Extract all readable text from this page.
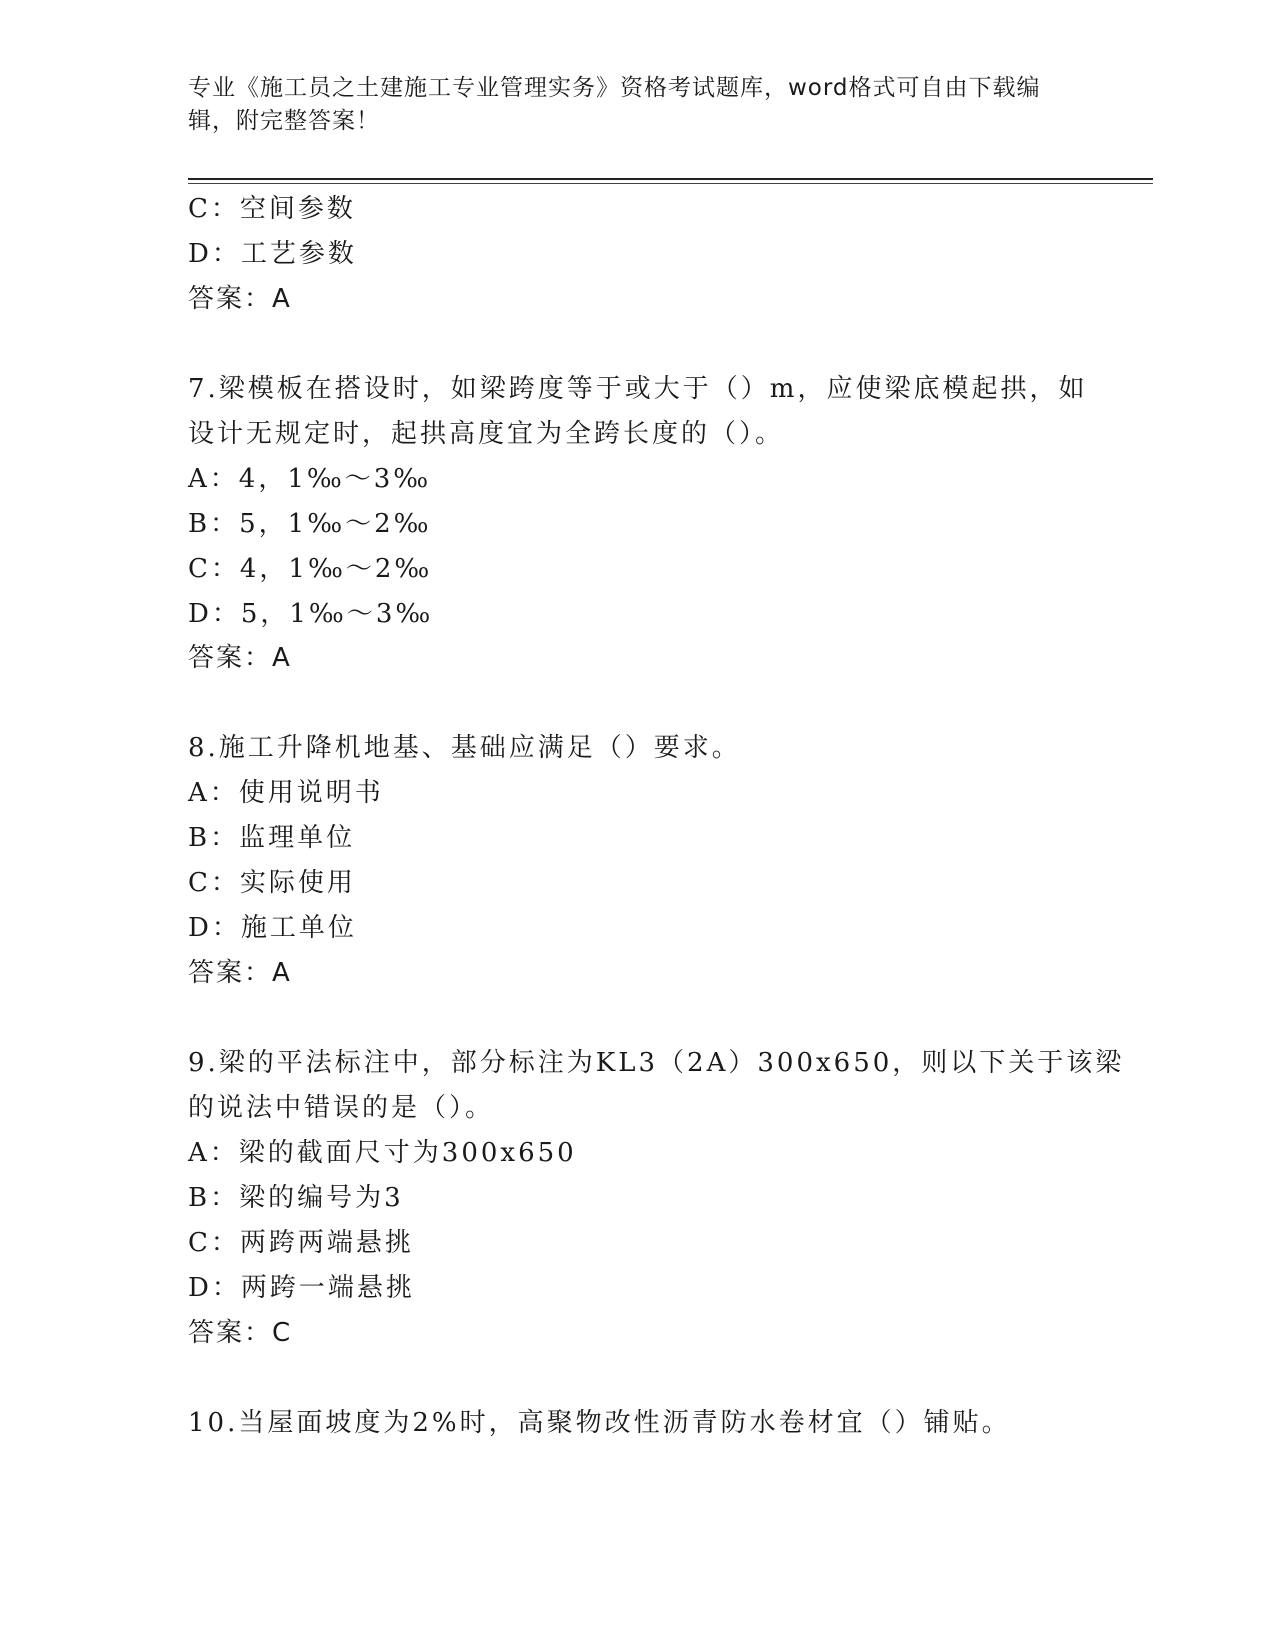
专业《施工员之土建施工专业管理实务》资格考试题库，word格式可自由下载编
辑，附完整答案！
C：空间参数
D：工艺参数
答案：A
7.梁模板在搭设时，如梁跨度等于或大于（）m，应使梁底模起拱，如
设计无规定时，起拱高度宜为全跨长度的（）。
A：4，1‰～3‰
B：5，1‰～2‰
C：4，1‰～2‰
D：5，1‰～3‰
答案：A
8.施工升降机地基、基础应满足（）要求。
A：使用说明书
B：监理单位
C：实际使用
D：施工单位
答案：A
9.梁的平法标注中，部分标注为KL3（2A）300x650，则以下关于该梁
的说法中错误的是（）。
A：梁的截面尺寸为300x650
B：梁的编号为3
C：两跨两端悬挑
D：两跨一端悬挑
答案：C
10.当屋面坡度为2%时，高聚物改性沥青防水卷材宜（）铺贴。
